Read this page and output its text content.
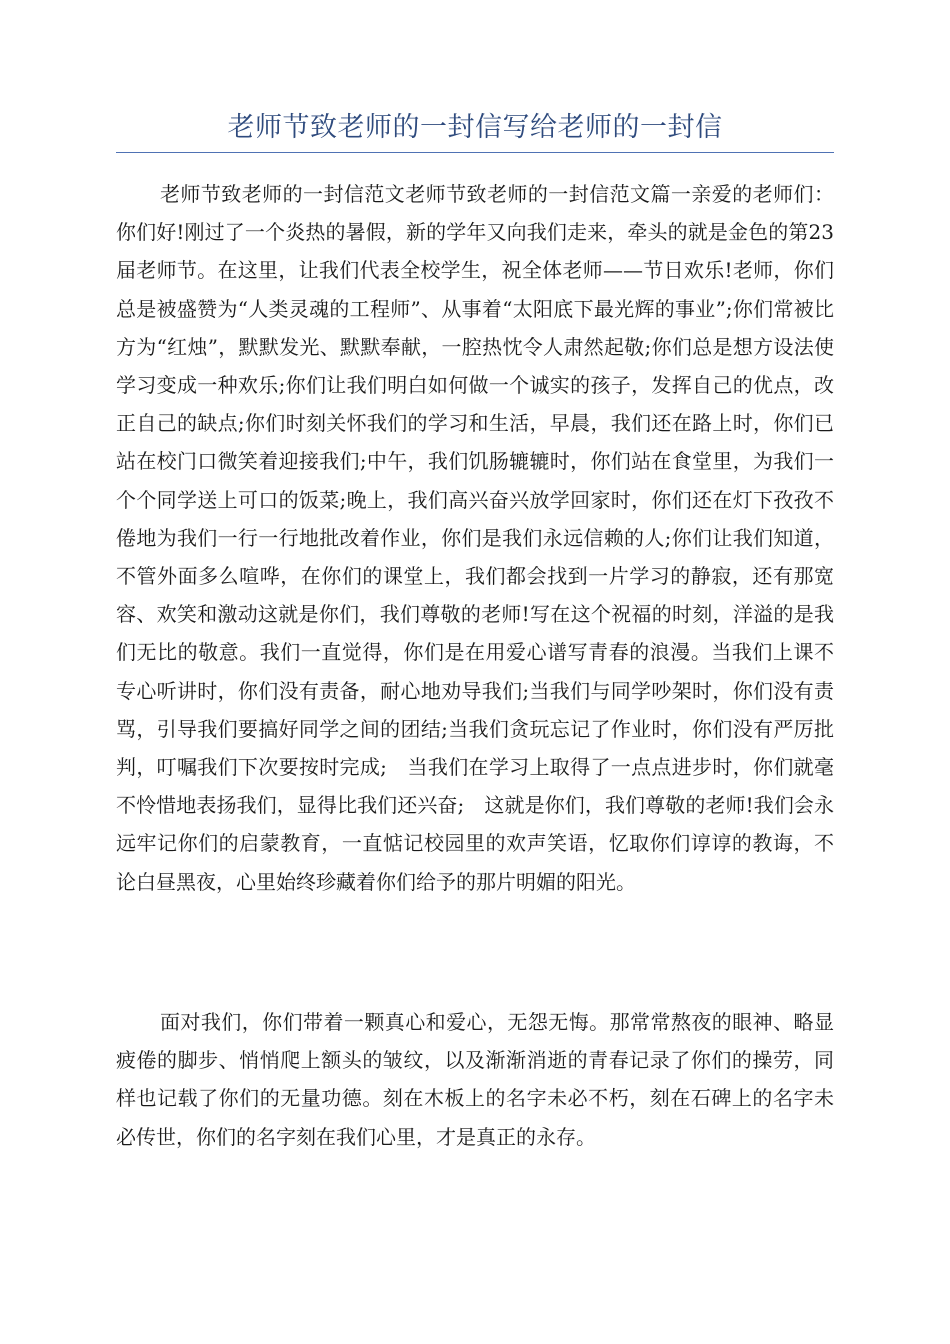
老师节致老师的一封信写给老师的一封信

老师节致老师的一封信范文老师节致老师的一封信范文篇一亲爱的老师们：你们好!刚过了一个炎热的暑假，新的学年又向我们走来，牵头的就是金色的第23届老师节。在这里，让我们代表全校学生，祝全体老师——节日欢乐!老师，你们总是被盛赞为“人类灵魂的工程师”、从事着“太阳底下最光辉的事业”;你们常被比方为“红烛”，默默发光、默默奉献，一腔热忱令人肃然起敬;你们总是想方设法使学习变成一种欢乐;你们让我们明白如何做一个诚实的孩子，发挥自己的优点，改正自己的缺点;你们时刻关怀我们的学习和生活，早晨，我们还在路上时，你们已站在校门口微笑着迎接我们;中午，我们饥肠辘辘时，你们站在食堂里，为我们一个个同学送上可口的饭菜;晚上，我们高兴奋兴放学回家时，你们还在灯下孜孜不倦地为我们一行一行地批改着作业，你们是我们永远信赖的人;你们让我们知道，不管外面多么喧哗，在你们的课堂上，我们都会找到一片学习的静寂，还有那宽容、欢笑和激动这就是你们，我们尊敬的老师!写在这个祝福的时刻，洋溢的是我们无比的敬意。我们一直觉得，你们是在用爱心谱写青春的浪漫。当我们上课不专心听讲时，你们没有责备，耐心地劝导我们;当我们与同学吵架时，你们没有责骂，引导我们要搞好同学之间的团结;当我们贪玩忘记了作业时，你们没有严厉批判，叮嘱我们下次要按时完成;　当我们在学习上取得了一点点进步时，你们就毫不怜惜地表扬我们，显得比我们还兴奋;　这就是你们，我们尊敬的老师!我们会永远牢记你们的启蒙教育，一直惦记校园里的欢声笑语，忆取你们谆谆的教诲，不论白昼黑夜，心里始终珍藏着你们给予的那片明媚的阳光。

面对我们，你们带着一颗真心和爱心，无怨无悔。那常常熬夜的眼神、略显疲倦的脚步、悄悄爬上额头的皱纹，以及渐渐消逝的青春记录了你们的操劳，同样也记载了你们的无量功德。刻在木板上的名字未必不朽，刻在石碑上的名字未必传世，你们的名字刻在我们心里，才是真正的永存。
